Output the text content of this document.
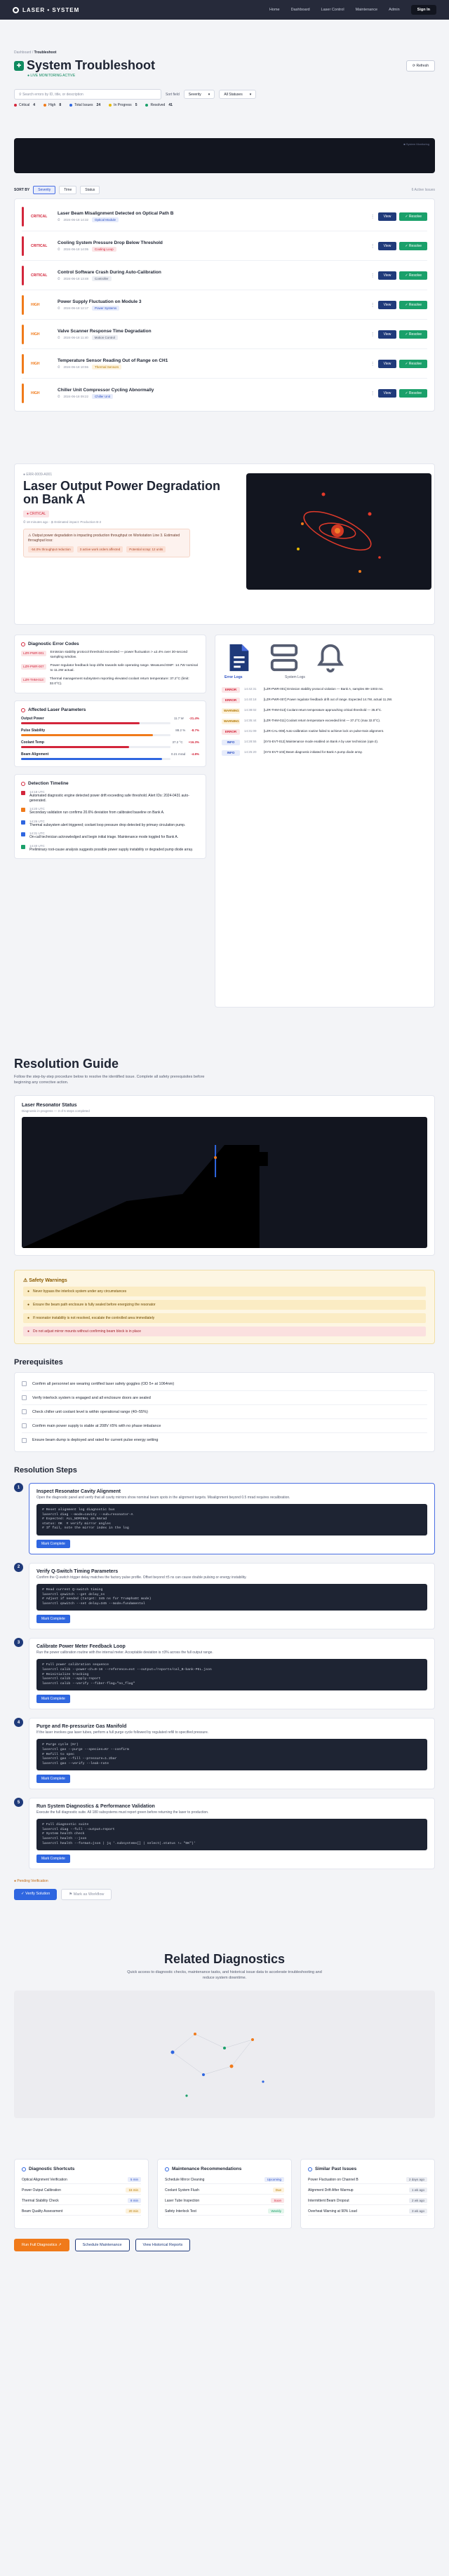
LASER • SYSTEM	Home	Dashboard	Laser Control	Maintenance	Admin	Sign In
Dashboard / Troubleshoot
✚ System Troubleshoot	⟳ Refresh
● LIVE MONITORING ACTIVE
⚲ Search errors by ID, title, or description	Sort field	Severity ▾	All Statuses ▾
Critical 4	High 8	Total Issues 24	In Progress 5	Resolved 41
■ System Monitoring
SORT BY	Severity	Time	Status	6 Active Issues
CRITICAL
Laser Beam Misalignment Detected on Optical Path B
⏱ 2024-06-18 14:32	Optical Module
⋮	View	✓ Resolve
CRITICAL
Cooling System Pressure Drop Below Threshold
⏱ 2024-06-18 14:05	Cooling Loop
⋮	View	✓ Resolve
CRITICAL
Control Software Crash During Auto-Calibration
⏱ 2024-06-18 13:48	Controller
⋮	View	✓ Resolve
HIGH
Power Supply Fluctuation on Module 3
⏱ 2024-06-18 12:17	Power Systems
⋮	View	✓ Resolve
HIGH
Valve Scanner Response Time Degradation
⏱ 2024-06-18 11:40	Motion Control
⋮	View	✓ Resolve
HIGH
Temperature Sensor Reading Out of Range on CH1
⏱ 2024-06-18 10:55	Thermal Sensors
⋮	View	✓ Resolve
HIGH
Chiller Unit Compressor Cycling Abnormally
⏱ 2024-06-18 09:22	Chiller Unit
⋮	View	✓ Resolve
● ERR-0009-A001
Laser Output Power Degradation on Bank A
● CRITICAL
⏱ 18 minutes ago · ⚙ Estimated impact: Production B-2
⚠ Output power degradation is impacting production throughput on Workstation Line 3. Estimated throughput loss:
-54.0% throughput reduction	3 active work orders affected	Potential scrap: 12 units
Diagnostic Error Codes
LZR-PWR-001	Emission stability protocol threshold exceeded — power fluctuation > ±2.4% over 30-second sampling window.
LZR-PWR-007	Power regulator feedback loop drifts towards safe operating range. Measured EMF: 14.7W nominal to 11.2W actual.
LZR-THM-013	Thermal management subsystem reporting elevated coolant return temperature: 37.2°C (limit: 32.0°C).
Affected Laser Parameters
Output Power	11.7 W -21.4%
Pulse Stability	88.2 % -8.7%
Coolant Temp	37.2 °C +16.3%
Beam Alignment	0.21 mrad -4.8%
Detection Timeline
14:18 UTC
Automated diagnostic engine detected power drift exceeding safe threshold. Alert IDs: 2024-0431 auto-generated.
14:20 UTC
Secondary validation run confirms 20.6% deviation from calibrated baseline on Bank A.
14:26 UTC
Thermal subsystem alert triggered; coolant loop pressure drop detected by primary circulation pump.
14:31 UTC
On-call technician acknowledged and begin initial triage. Maintenance mode toggled for Bank A.
14:40 UTC
Preliminary root-cause analysis suggests possible power supply instability or degraded pump diode array.
Error Logs	System Logs
ERROR	14:42:31	[LZR-PWR-001] Emission stability protocol violation — Bank A, samples 89–1003 ms.
ERROR	14:40:18	[LZR-PWR-007] Power regulator feedback drift out of range. Expected 14.7W, actual 11.2W.
WARNING 14:38:02	[LZR-THM-013] Coolant return temperature approaching critical threshold — 35.8°C.
WARNING 14:35:44	[LZR-THM-011] Coolant return temperature exceeded limit — 37.2°C (max 32.0°C).
ERROR	14:31:09	[LZR-CAL-008] Auto-calibration routine failed to achieve lock on pulse-train alignment.
INFO	14:28:55	[SYS-EVT-012] Maintenance mode enabled on Bank A by user technician (ops-2).
INFO	14:25:20	[SYS-EVT-103] Beam diagnostic initiated for Bank A pump diode array.
Resolution Guide
Follow the step-by-step procedure below to resolve the identified issue. Complete all safety prerequisites before beginning any corrective action.
Laser Resonator Status
Diagnostic in progress — 3 of 5 steps completed
⚠ Safety Warnings
● Never bypass the interlock system under any circumstances
● Ensure the beam path enclosure is fully sealed before energizing the resonator
● If resonator instability is not resolved, escalate the controlled area immediately
● Do not adjust mirror mounts without confirming beam block is in place
Prerequisites
Confirm all personnel are wearing certified laser safety goggles (OD 5+ at 1064nm)
Verify interlock system is engaged and all enclosure doors are sealed
Check chiller unit coolant level is within operational range (40–55%)
Confirm main power supply is stable at 208V ±5% with no phase imbalance
Ensure beam dump is deployed and rated for current pulse energy setting
Resolution Steps
1
Inspect Resonator Cavity Alignment
Open the diagnostic panel and verify that all cavity mirrors show nominal beam spots in the alignment targets. Misalignment beyond 0.5 mrad requires recalibration.
# Reset alignment log diagnostic bus
laserctl diag --mode=cavity --sub=resonator-A
# Expected: ALL_NOMINAL ≤0.5mrad
status: OK  # verify mirror angles
# If fail, note the mirror index in the log
Mark Complete
2
Verify Q-Switch Timing Parameters
Confirm the Q-switch trigger delay matches the factory pulse profile. Offset beyond ±5 ns can cause double pulsing or energy instability.
# Read current Q-switch timing
laserctl qswitch --get delay_ns
# Adjust if needed (target: 345 ns for TrumphoEC mode)
laserctl qswitch --set delay=345 --mode=fundamental
Mark Complete
3
Calibrate Power Meter Feedback Loop
Run the power calibration routine with the internal meter. Acceptable deviation is ±3% across the full output range.
# Full power calibration sequence
laserctl calib --power-ch=0-16 --reference=ext --output=/reports/cal_B-bank-PEL.json
# Reinitialize tracking
laserctl calib --apply-report
laserctl calib --verify --fiber-flag="no_flag"
Mark Complete
4
Purge and Re-pressurize Gas Manifold
If the laser involves gas laser tubes, perform a full purge cycle followed by regulated refill to specified pressure.
# Purge cycle (Kr)
laserctl gas --purge --species=Kr --confirm
# Refill to spec
laserctl gas --fill --pressure=1.2bar
laserctl gas --verify --leak-rate
Mark Complete
5
Run System Diagnostics & Performance Validation
Execute the full diagnostic suite. All 180 subsystems must report green before returning the laser to production.
# Full diagnostic suite
laserctl diag --full --output=report
# System health check
laserctl health --json
laserctl health --format=json | jq '.subsystems[] | select(.status != "OK")'
Mark Complete
● Pending Verification
✓ Verify Solution	⚑ Mark as Workflow
Related Diagnostics
Quick access to diagnostic checks, maintenance tasks, and historical issue data to accelerate troubleshooting and reduce system downtime.
Diagnostic Shortcuts
Optical Alignment Verification	5 min
Power Output Calibration	15 min
Thermal Stability Check	8 min
Beam Quality Assessment	20 min
Maintenance Recommendations
Schedule Mirror Cleaning	Upcoming
Coolant System Flush	Due
Laser Tube Inspection	Soon
Safety Interlock Test	Weekly
Similar Past Issues
Power Fluctuation on Channel B	2 days ago
Alignment Drift After Warmup	1 wk ago
Intermittent Beam Dropout	2 wk ago
Overheat Warning at 90% Load	3 wk ago
Run Full Diagnostics ↗	Schedule Maintenance	View Historical Reports
